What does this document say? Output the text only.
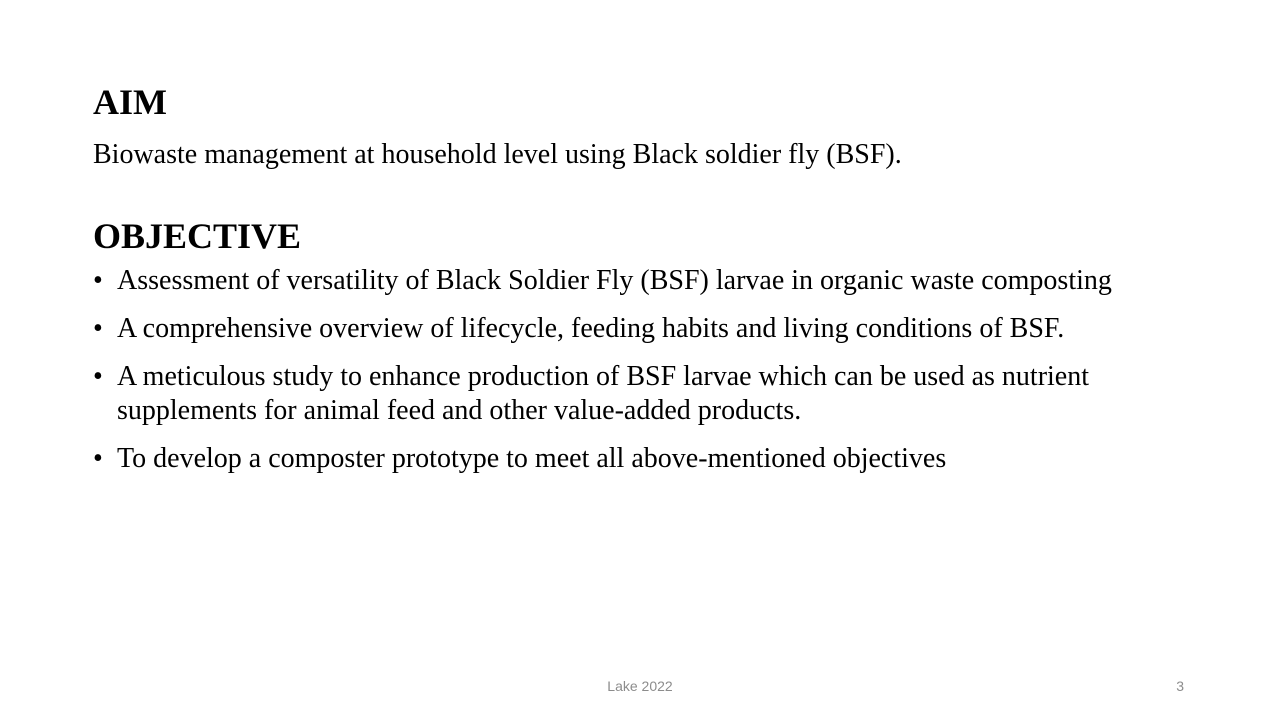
AIM

Biowaste management at household level using Black soldier fly (BSF).

OBJECTIVE
• Assessment of versatility of Black Soldier Fly (BSF) larvae in organic waste composting
• A comprehensive overview of lifecycle, feeding habits and living conditions of BSF.
• A meticulous study to enhance production of BSF larvae which can be used as nutrient supplements for animal feed and other value-added products.
• To develop a composter prototype to meet all above-mentioned objectives
Lake 2022	3
